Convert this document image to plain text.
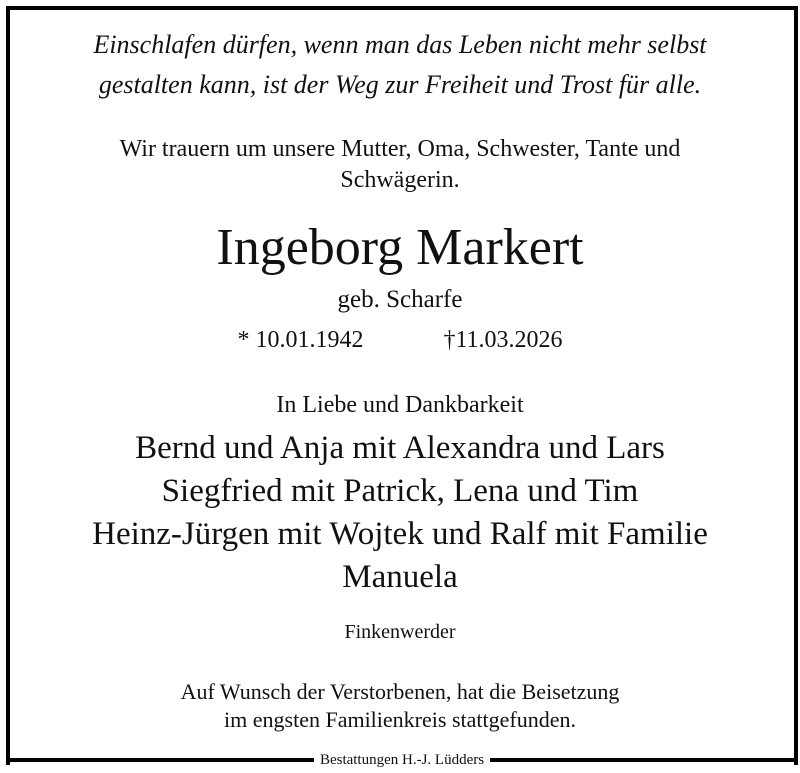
Einschlafen dürfen, wenn man das Leben nicht mehr selbst
gestalten kann, ist der Weg zur Freiheit und Trost für alle.
Wir trauern um unsere Mutter, Oma, Schwester, Tante und
Schwägerin.
Ingeborg Markert
geb. Scharfe
* 10.01.1942	†11.03.2026
In Liebe und Dankbarkeit
Bernd und Anja mit Alexandra und Lars
Siegfried mit Patrick, Lena und Tim
Heinz-Jürgen mit Wojtek und Ralf mit Familie
Manuela
Finkenwerder
Auf Wunsch der Verstorbenen, hat die Beisetzung
im engsten Familienkreis stattgefunden.
Bestattungen H.-J. Lüdders
